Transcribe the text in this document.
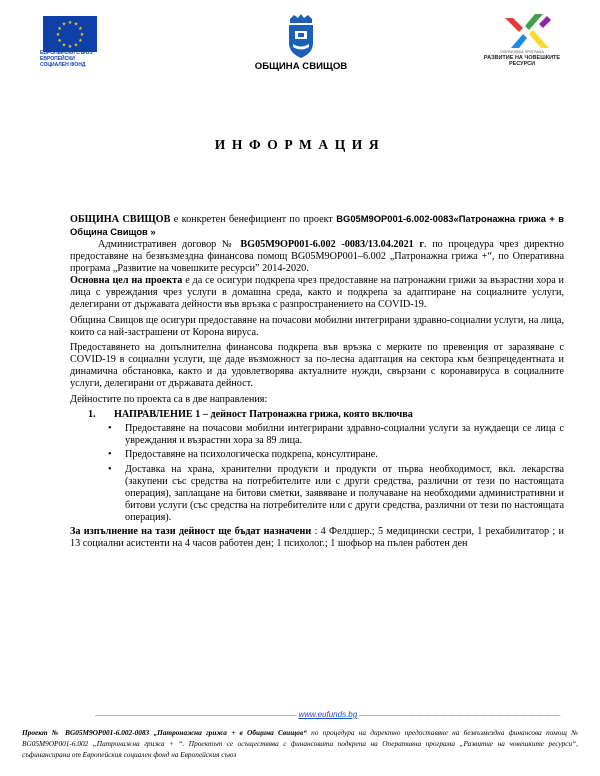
★ ★
★
★
★
★
★
★
★
★
★
★
ЕВРОПЕЙСКИ СЪЮЗ
ЕВРОПЕЙСКИ
СОЦИАЛЕН ФОНД	ОБЩИНА СВИЩОВ
ОПЕРАТИВНА ПРОГРАМА
РАЗВИТИЕ НА ЧОВЕШКИТЕ РЕСУРСИ
ИНФОРМАЦИЯ

ОБЩИНА СВИЩОВ е конкретен бенефициент по проект BG05M9OP001-6.002-0083«Патронажна грижа + в Община Свищов »

Административен договор № BG05M9OP001-6.002 -0083/13.04.2021 г. по процедура чрез директно предоставяне на безвъзмездна финансова помощ BG05M9OP001–6.002 „Патронажна грижа +“, по Оперативна програма „Развитие на човешките ресурси” 2014-2020.

Основна цел на проекта е да се осигури подкрепа чрез предоставяне на патронажни грижи за възрастни хора и лица с увреждания чрез услуги в домашна среда, както и подкрепа за адаптиране на социалните услуги, делегирани от държавата дейности във връзка с разпространението на COVID-19.

Община Свищов ще осигури предоставяне на почасови мобилни интегрирани здравно-социални услуги, на лица, които са най-застрашени от Корона вируса.

Предоставянето на допълнителна финансова подкрепа във връзка с мерките по превенция от заразяване с COVID-19 в социални услуги, ще даде възможност за по-лесна адаптация на сектора към безпрецедентната и динамична обстановка, както и да удовлетворява актуалните нужди, свързани с коронавируса в социалните услуги, делегирани от държавата дейност.

Дейностите по проекта са в две направления:

1. НАПРАВЛЕНИЕ 1 – дейност Патронажна грижа, която включва

• Предоставяне на почасови мобилни интегрирани здравно-социални услуги за нуждаещи се лица с увреждания и възрастни хора за 89 лица.
• Предоставяне на психологическа подкрепа, консултиране.
• Доставка на храна, хранителни продукти и продукти от първа необходимост, вкл. лекарства (закупени със средства на потребителите или с други средства, различни от тези по настоящата операция), заплащане на битови сметки, заявяване и получаване на необходими административни и битови услуги (със средства на потребителите или с други средства, различни от тези по настоящата операция).

За изпълнение на тази дейност ще бъдат назначени : 4 Фелдшер.; 5 медицински сестри, 1 рехабилитатор ; и 13 социални асистенти на 4 часов работен ден; 1 психолог.; 1 шофьор на пълен работен ден

----------------------------------------------------------------------------------------------------- www.eufunds.bg -----------------------------------------------------------------------------------------------------
Проект № BG05M9OP001-6.002-0083 „Патронажна грижа + в Община Свищов“ по процедура на директно предоставяне на безвъзмездна финансова помощ № BG05M9OP001-6.002 „Патронажна грижа + “. Проектът се осъществява с финансовата подкрепа на Оперативна програма „Развитие на човешките ресурси“, съфинансирана от Европейския социален фонд на Европейския съюз
